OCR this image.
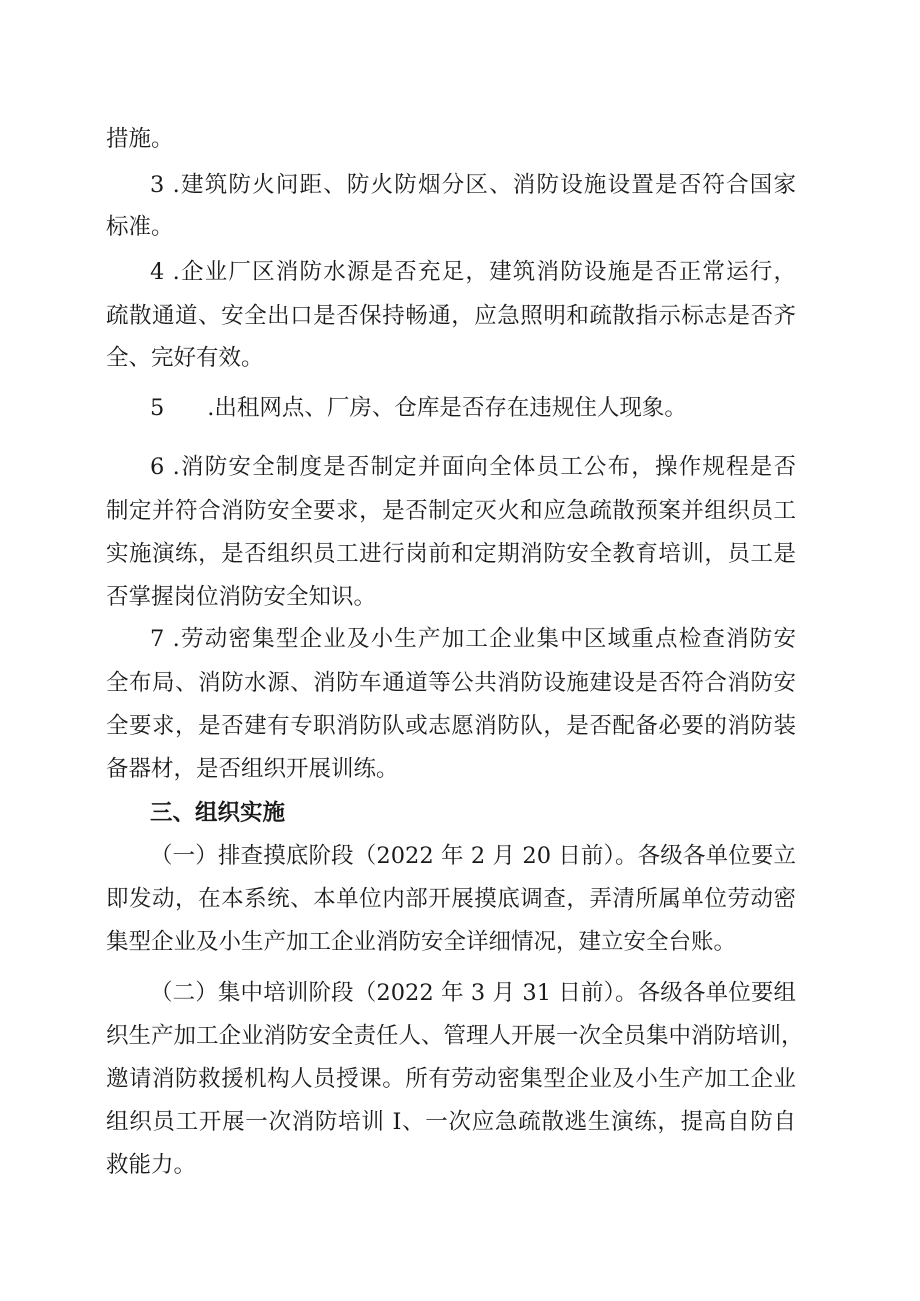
措施。
3 .建筑防火问距、防火防烟分区、消防设施设置是否符合国家
标准。
4 .企业厂区消防水源是否充足，建筑消防设施是否正常运行，
疏散通道、安全出口是否保持畅通，应急照明和疏散指示标志是否齐
全、完好有效。
5      .出租网点、厂房、仓库是否存在违规住人现象。
6 .消防安全制度是否制定并面向全体员工公布，操作规程是否
制定并符合消防安全要求，是否制定灭火和应急疏散预案并组织员工
实施演练，是否组织员工进行岗前和定期消防安全教育培训，员工是
否掌握岗位消防安全知识。
7 .劳动密集型企业及小生产加工企业集中区域重点检查消防安
全布局、消防水源、消防车通道等公共消防设施建设是否符合消防安
全要求，是否建有专职消防队或志愿消防队，是否配备必要的消防装
备器材，是否组织开展训练。
三、组织实施
（一）排查摸底阶段（2022 年 2 月 20 日前）。各级各单位要立
即发动，在本系统、本单位内部开展摸底调查，弄清所属单位劳动密
集型企业及小生产加工企业消防安全详细情况，建立安全台账。
（二）集中培训阶段（2022 年 3 月 31 日前）。各级各单位要组
织生产加工企业消防安全责任人、管理人开展一次全员集中消防培训，
邀请消防救援机构人员授课。所有劳动密集型企业及小生产加工企业
组织员工开展一次消防培训 I、一次应急疏散逃生演练，提高自防自
救能力。
